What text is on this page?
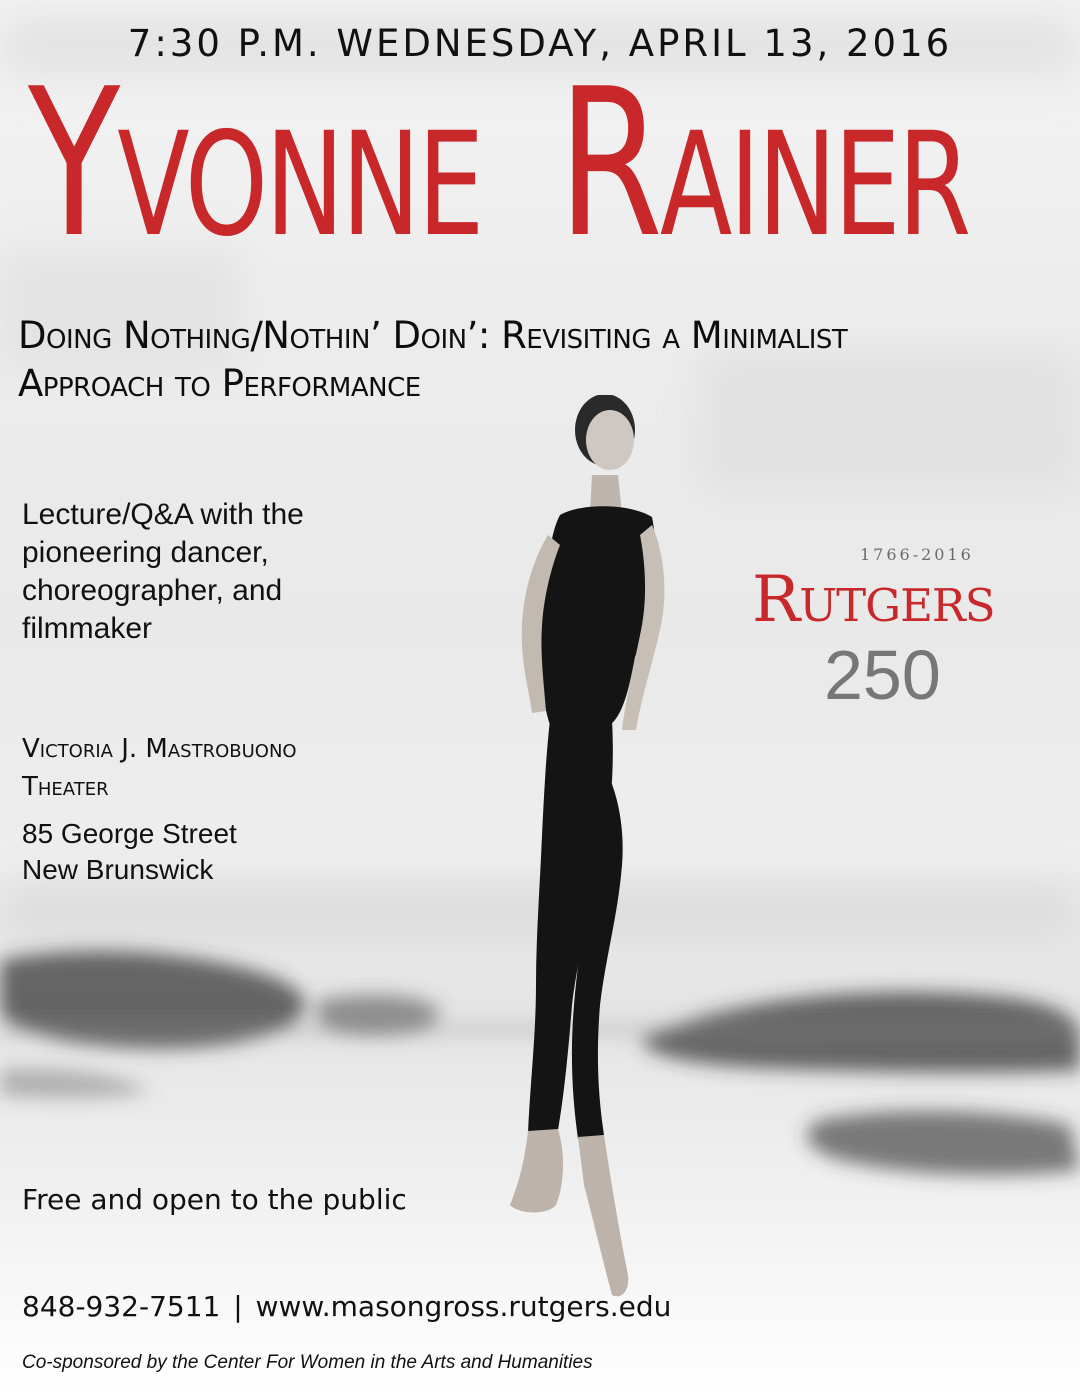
7:30 P.M. WEDNESDAY, APRIL 13, 2016
Yvonne Rainer
Doing Nothing/Nothin’ Doin’: Revisiting a Minimalist
Approach to Performance
Lecture/Q&A with the
pioneering dancer,
choreographer, and
filmmaker
Victoria J. Mastrobuono
Theater
85 George Street
New Brunswick
1766-2016
Rutgers
250
Free and open to the public
848-932-7511 | www.masongross.rutgers.edu
Co-sponsored by the Center For Women in the Arts and Humanities
